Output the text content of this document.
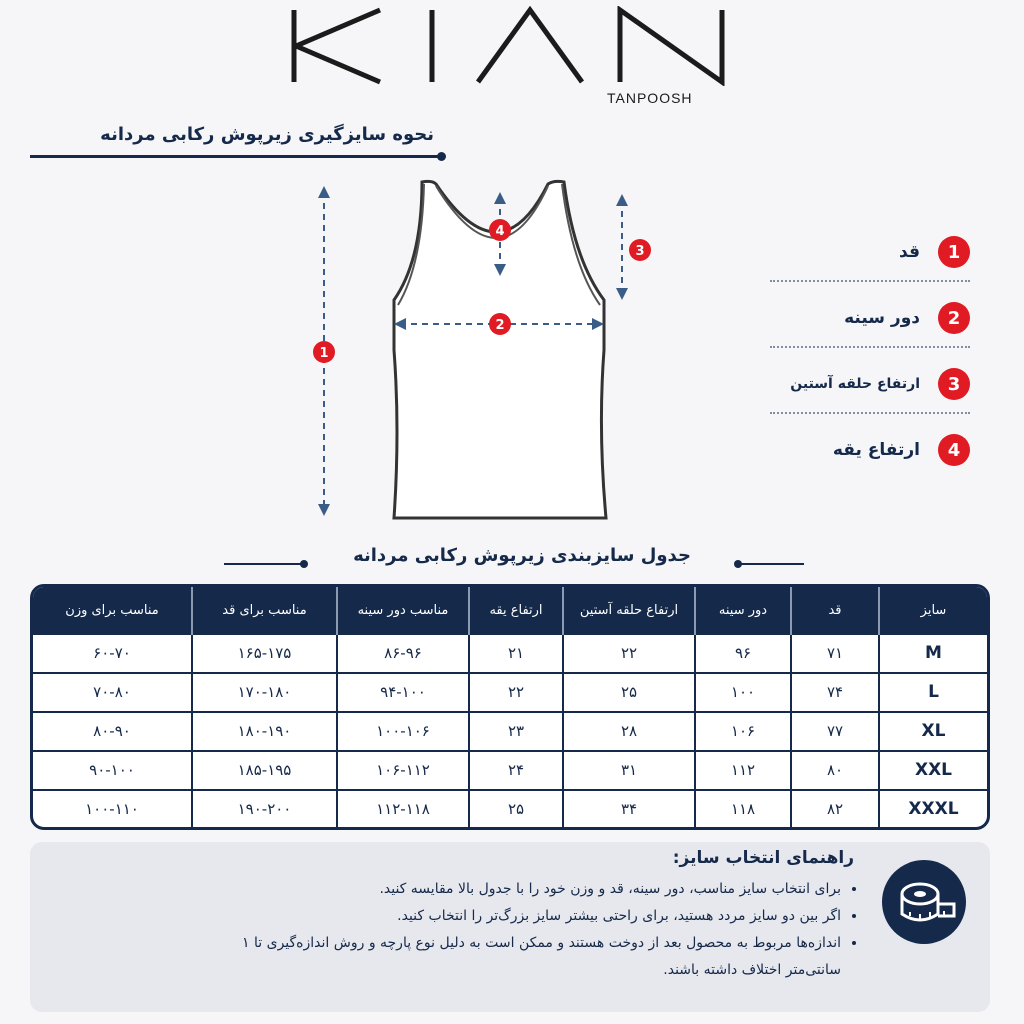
TANPOOSH
نحوه سایزگیری زیرپوش رکابی مردانه
1
2
3
4
1
قد
2
دور سینه
3
ارتفاع حلقه آستین
4
ارتفاع یقه
جدول سایزبندی زیرپوش رکابی مردانه
سایز	قد	دور سینه	ارتفاع حلقه آستین	ارتفاع یقه	مناسب دور سینه	مناسب برای قد	مناسب برای وزن
M	۷۱	۹۶	۲۲	۲۱	۸۶-۹۶	۱۶۵-۱۷۵	۶۰-۷۰
L	۷۴	۱۰۰	۲۵	۲۲	۹۴-۱۰۰	۱۷۰-۱۸۰	۷۰-۸۰
XL	۷۷	۱۰۶	۲۸	۲۳	۱۰۰-۱۰۶	۱۸۰-۱۹۰	۸۰-۹۰
XXL	۸۰	۱۱۲	۳۱	۲۴	۱۰۶-۱۱۲	۱۸۵-۱۹۵	۹۰-۱۰۰
XXXL	۸۲	۱۱۸	۳۴	۲۵	۱۱۲-۱۱۸	۱۹۰-۲۰۰	۱۰۰-۱۱۰
راهنمای انتخاب سایز:
• برای انتخاب سایز مناسب، دور سینه، قد و وزن خود را با جدول بالا مقایسه کنید.
• اگر بین دو سایز مردد هستید، برای راحتی بیشتر سایز بزرگ‌تر را انتخاب کنید.
• اندازه‌ها مربوط به محصول بعد از دوخت هستند و ممکن است به دلیل نوع پارچه و روش اندازه‌گیری تا ۱ سانتی‌متر اختلاف داشته باشند.
